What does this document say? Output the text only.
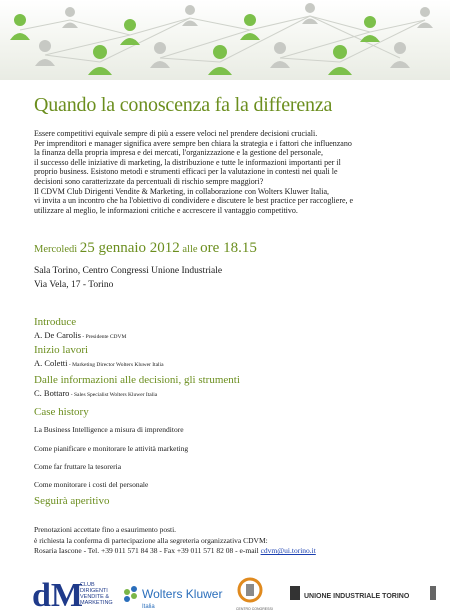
Quando la conoscenza fa la differenza

Essere competitivi equivale sempre di più a essere veloci nel prendere decisioni cruciali.

Per imprenditori e manager significa avere sempre ben chiara la strategia e i fattori che influenzano

la finanza della propria impresa e dei mercati, l'organizzazione e la gestione del personale,

il successo delle iniziative di marketing, la distribuzione e tutte le informazioni importanti per il

proprio business. Esistono metodi e strumenti efficaci per la valutazione in contesti nei quali le

decisioni sono caratterizzate da percentuali di rischio sempre maggiori?

Il CDVM Club Dirigenti Vendite & Marketing, in collaborazione con Wolters Kluwer Italia,

vi invita a un incontro che ha l'obiettivo di condividere e discutere le best practice per raccogliere, e

utilizzare al meglio, le informazioni critiche e accrescere il vantaggio competitivo.

Mercoledì 25 gennaio 2012 alle ore 18.15
Sala Torino, Centro Congressi Unione Industriale
Via Vela, 17 - Torino
Introduce
A. De Carolis - Presidente CDVM
Inizio lavori
A. Coletti - Marketing Director Wolters Kluwer Italia
Dalle informazioni alle decisioni, gli strumenti
C. Bottaro - Sales Specialist Wolters Kluwer Italia
Case history
La Business Intelligence a misura di imprenditore
Come pianificare e monitorare le attività marketing
Come far fruttare la tesoreria
Come monitorare i costi del personale
Seguirà aperitivo
Prenotazioni accettate fino a esaurimento posti.
è richiesta la conferma di partecipazione alla segreteria organizzativa CDVM:
Rosaria Iascone - Tel. +39 011 571 84 38 - Fax +39 011 571 82 08 - e-mail cdvm@ui.torino.it
dM
CLUB
DIRIGENTI
VENDITE &
MARKETING
Wolters Kluwer
Italia	CENTRO CONGRESSI
UNIONE INDUSTRIALE TORINO
